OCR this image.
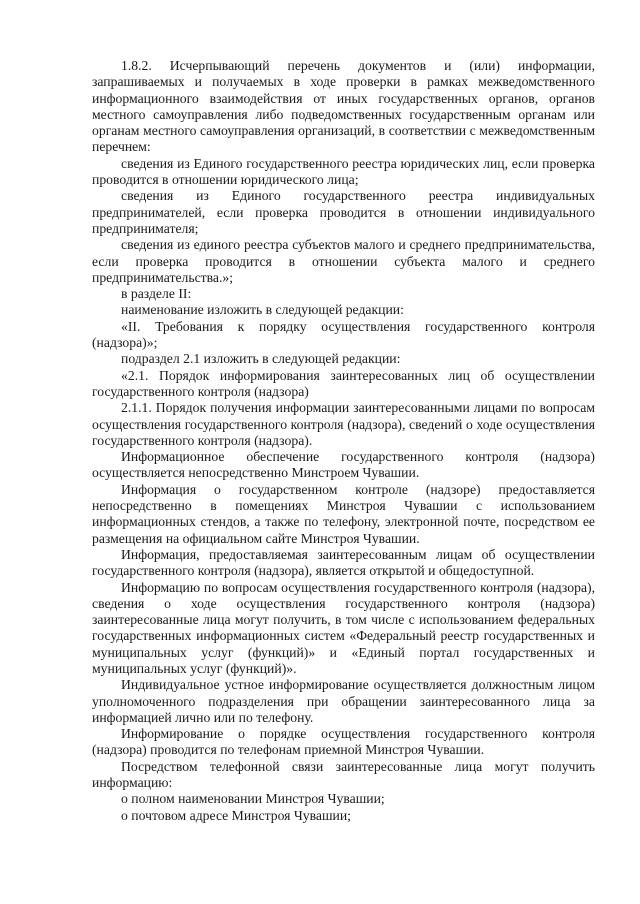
1.8.2. Исчерпывающий перечень документов и (или) информации, запрашиваемых и получаемых в ходе проверки в рамках межведомственного информационного взаимодействия от иных государственных органов, органов местного самоуправления либо подведомственных государственным органам или органам местного самоуправления организаций, в соответствии с межведомственным перечнем:

сведения из Единого государственного реестра юридических лиц, если проверка проводится в отношении юридического лица;

сведения из Единого государственного реестра индивидуальных предпринимателей, если проверка проводится в отношении индивидуального предпринимателя;

сведения из единого реестра субъектов малого и среднего предпринимательства, если проверка проводится в отношении субъекта малого и среднего предпринимательства.»;

в разделе II:

наименование изложить в следующей редакции:

«II. Требования к порядку осуществления государственного контроля (надзора)»;

подраздел 2.1 изложить в следующей редакции:

«2.1. Порядок информирования заинтересованных лиц об осуществлении государственного контроля (надзора)

2.1.1. Порядок получения информации заинтересованными лицами по вопросам осуществления государственного контроля (надзора), сведений о ходе осуществления государственного контроля (надзора).

Информационное обеспечение государственного контроля (надзора) осуществляется непосредственно Минстроем Чувашии.

Информация о государственном контроле (надзоре) предоставляется непосредственно в помещениях Минстроя Чувашии с использованием информационных стендов, а также по телефону, электронной почте, посредством ее размещения на официальном сайте Минстроя Чувашии.

Информация, предоставляемая заинтересованным лицам об осуществлении государственного контроля (надзора), является открытой и общедоступной.

Информацию по вопросам осуществления государственного контроля (надзора), сведения о ходе осуществления государственного контроля (надзора) заинтересованные лица могут получить, в том числе с использованием федеральных государственных информационных систем «Федеральный реестр государственных и муниципальных услуг (функций)» и «Единый портал государственных и муниципальных услуг (функций)».

Индивидуальное устное информирование осуществляется должностным лицом уполномоченного подразделения при обращении заинтересованного лица за информацией лично или по телефону.

Информирование о порядке осуществления государственного контроля (надзора) проводится по телефонам приемной Минстроя Чувашии.

Посредством телефонной связи заинтересованные лица могут получить информацию:

о полном наименовании Минстроя Чувашии;

о почтовом адресе Минстроя Чувашии;
